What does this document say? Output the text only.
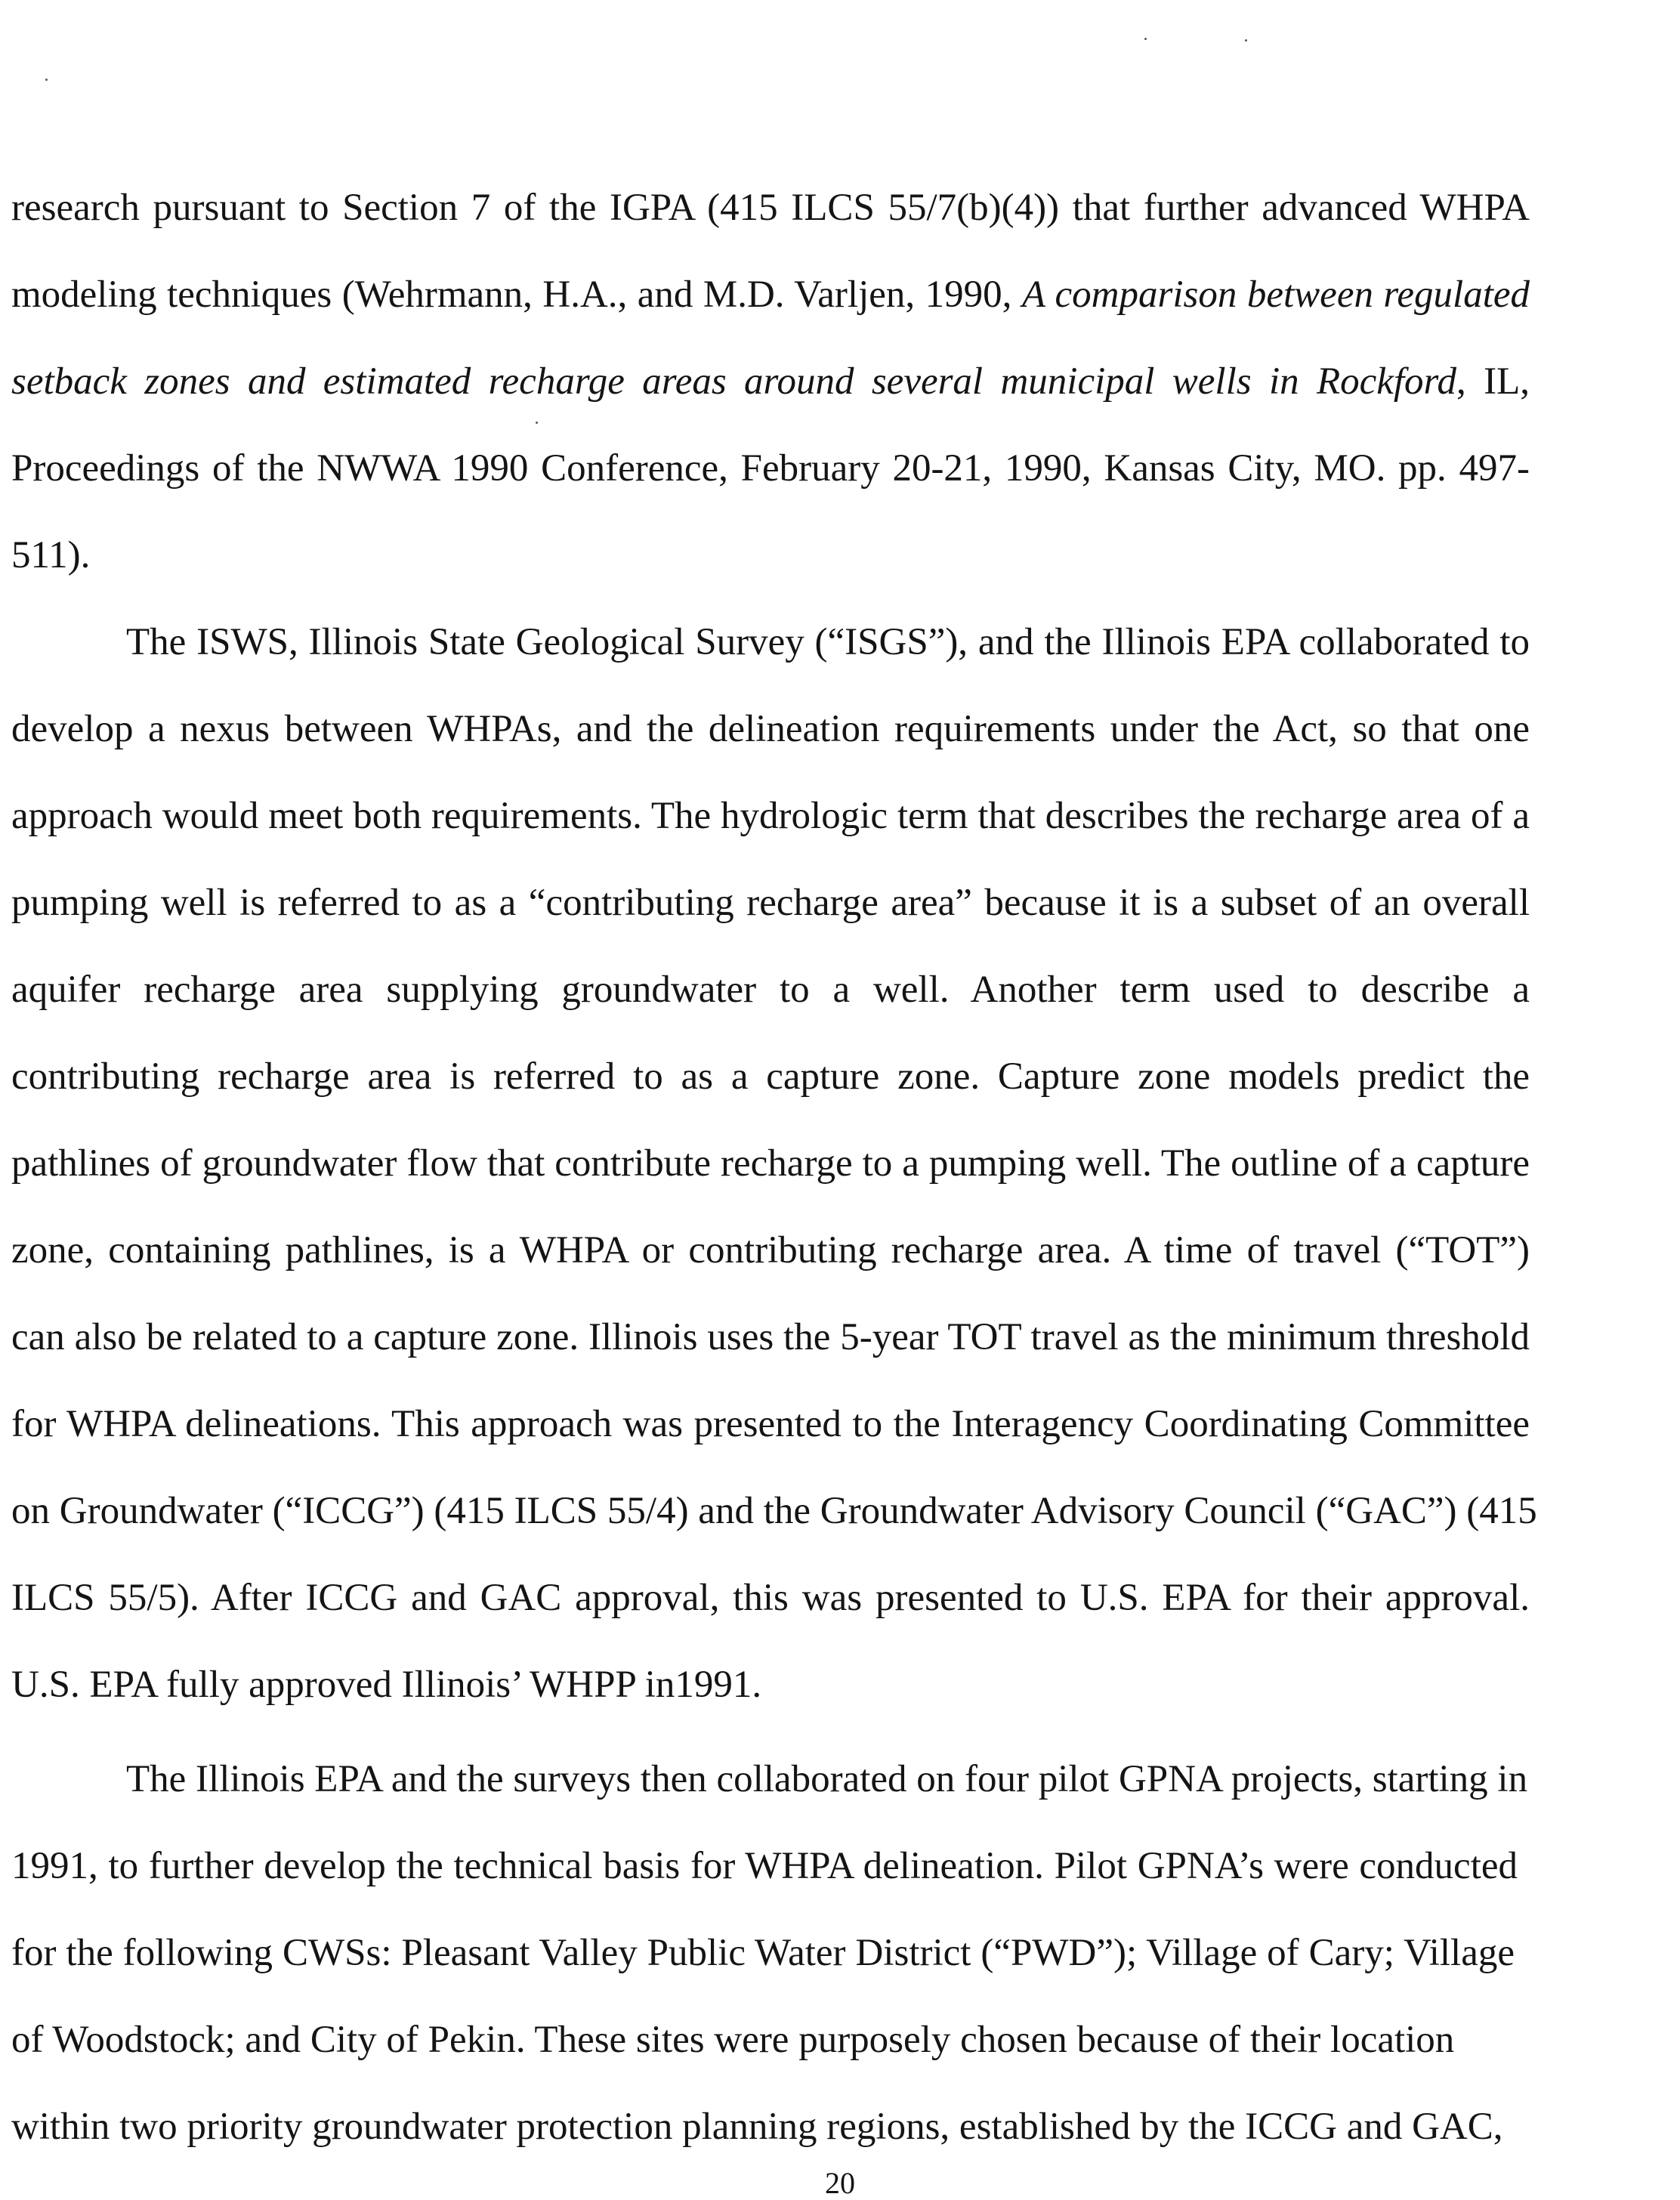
research pursuant to Section 7 of the IGPA (415 ILCS 55/7(b)(4)) that further advanced WHPA
modeling techniques (Wehrmann, H.A., and M.D. Varljen, 1990, A comparison between regulated
setback zones and estimated recharge areas around several municipal wells in Rockford, IL,
Proceedings of the NWWA 1990 Conference, February 20-21, 1990, Kansas City, MO. pp. 497-
511).
The ISWS, Illinois State Geological Survey (“ISGS”), and the Illinois EPA collaborated to
develop a nexus between WHPAs, and the delineation requirements under the Act, so that one
approach would meet both requirements. The hydrologic term that describes the recharge area of a
pumping well is referred to as a “contributing recharge area” because it is a subset of an overall
aquifer recharge area supplying groundwater to a well. Another term used to describe a
contributing recharge area is referred to as a capture zone. Capture zone models predict the
pathlines of groundwater flow that contribute recharge to a pumping well. The outline of a capture
zone, containing pathlines, is a WHPA or contributing recharge area. A time of travel (“TOT”)
can also be related to a capture zone. Illinois uses the 5-year TOT travel as the minimum threshold
for WHPA delineations. This approach was presented to the Interagency Coordinating Committee
on Groundwater (“ICCG”) (415 ILCS 55/4) and the Groundwater Advisory Council (“GAC”) (415
ILCS 55/5). After ICCG and GAC approval, this was presented to U.S. EPA for their approval.
U.S. EPA fully approved Illinois’ WHPP in1991.
The Illinois EPA and the surveys then collaborated on four pilot GPNA projects, starting in
1991, to further develop the technical basis for WHPA delineation. Pilot GPNA’s were conducted
for the following CWSs: Pleasant Valley Public Water District (“PWD”); Village of Cary; Village
of Woodstock; and City of Pekin. These sites were purposely chosen because of their location
within two priority groundwater protection planning regions, established by the ICCG and GAC,
20
